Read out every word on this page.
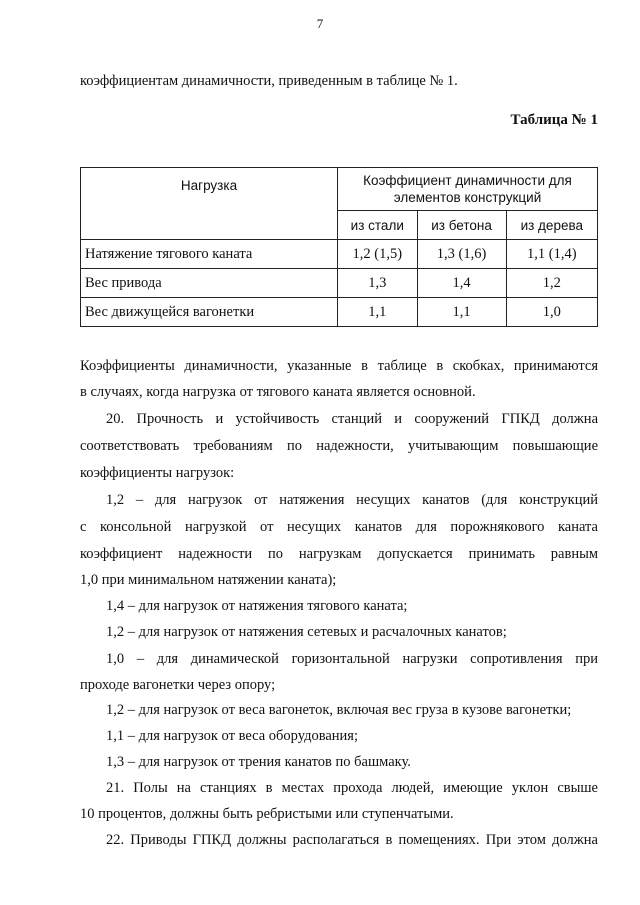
7
коэффициентам динамичности, приведенным в таблице № 1.
Таблица № 1
Нагрузка	Коэффициент динамичности для
элементов конструкций		

	из стали	из бетона	из дерева
Натяжение тягового каната	1,2 (1,5)	1,3 (1,6)	1,1 (1,4)
Вес привода	1,3	1,4	1,2
Вес движущейся вагонетки	1,1	1,1	1,0
Коэффициенты динамичности, указанные в таблице в скобках, принимаются
в случаях, когда нагрузка от тягового каната является основной.
20. Прочность и устойчивость станций и сооружений ГПКД должна
соответствовать требованиям по надежности, учитывающим повышающие
коэффициенты нагрузок:
1,2 – для нагрузок от натяжения несущих канатов (для конструкций
с консольной нагрузкой от несущих канатов для порожнякового каната
коэффициент надежности по нагрузкам допускается принимать равным
1,0 при минимальном натяжении каната);
1,4 – для нагрузок от натяжения тягового каната;
1,2 – для нагрузок от натяжения сетевых и расчалочных канатов;
1,0 – для динамической горизонтальной нагрузки сопротивления при
проходе вагонетки через опору;
1,2 – для нагрузок от веса вагонеток, включая вес груза в кузове вагонетки;
1,1 – для нагрузок от веса оборудования;
1,3 – для нагрузок от трения канатов по башмаку.
21. Полы на станциях в местах прохода людей, имеющие уклон свыше
10 процентов, должны быть ребристыми или ступенчатыми.
22. Приводы ГПКД должны располагаться в помещениях. При этом должна
